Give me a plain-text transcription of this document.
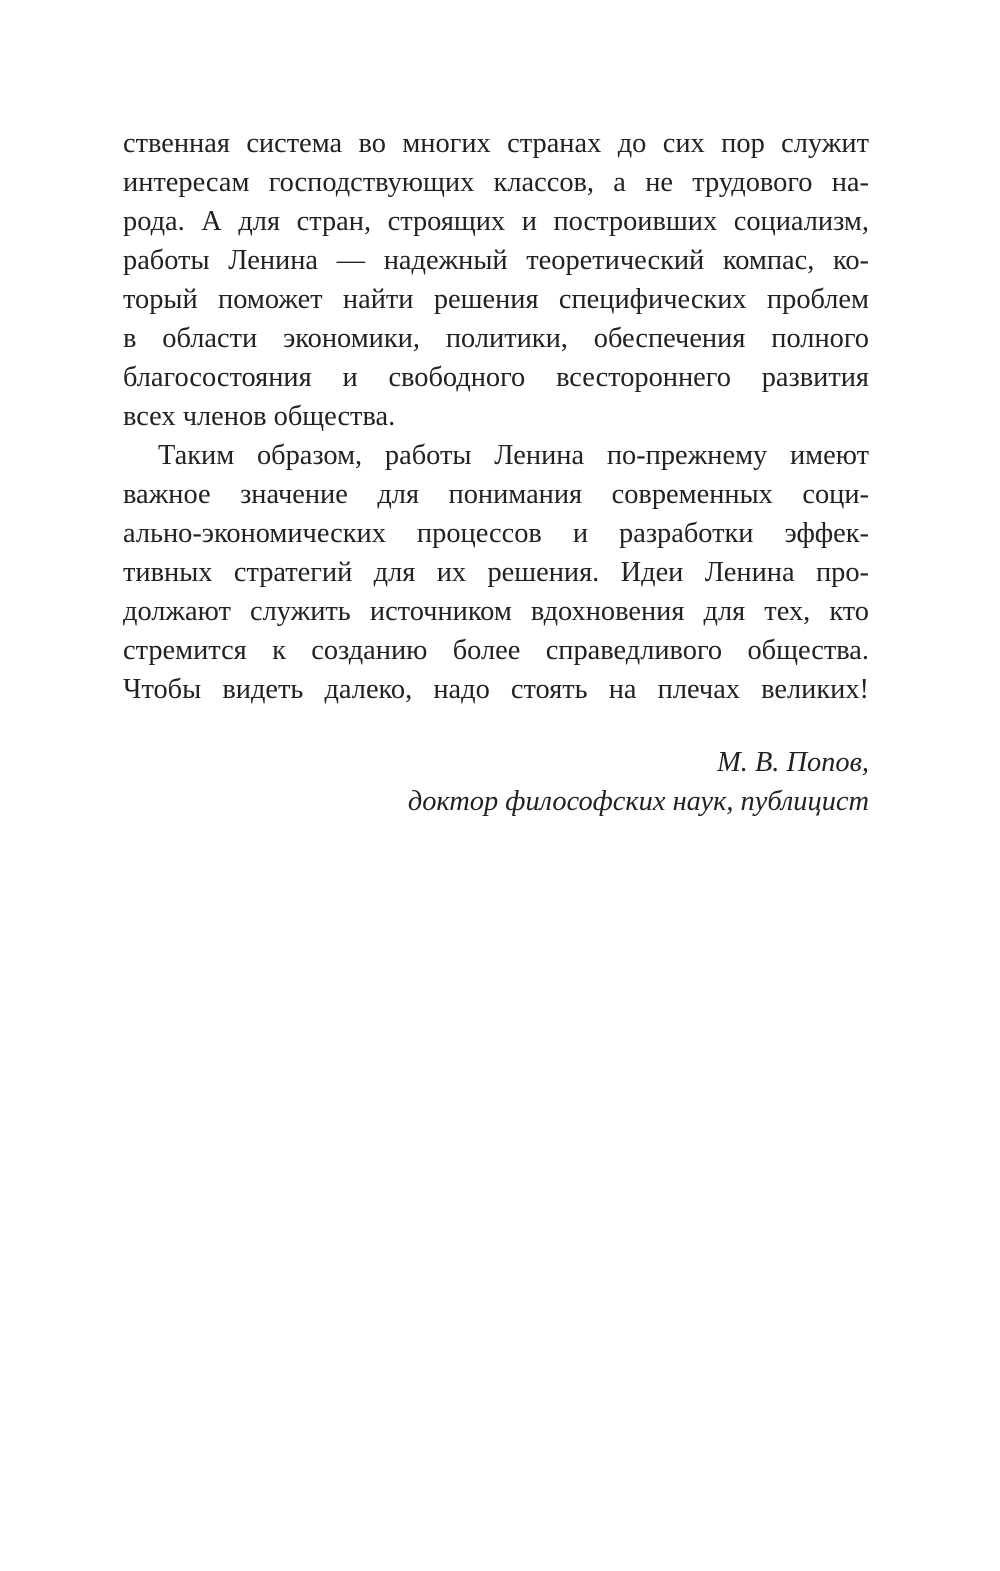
ственная система во многих странах до сих пор служит
интересам господствующих классов, а не трудового на-
рода. А для стран, строящих и построивших социализм,
работы Ленина — надежный теоретический компас, ко-
торый поможет найти решения специфических проблем
в области экономики, политики, обеспечения полного
благосостояния и свободного всестороннего развития
всех членов общества.

Таким образом, работы Ленина по-прежнему имеют
важное значение для понимания современных соци-
ально-экономических процессов и разработки эффек-
тивных стратегий для их решения. Идеи Ленина про-
должают служить источником вдохновения для тех, кто
стремится к созданию более справедливого общества.
Чтобы видеть далеко, надо стоять на плечах великих!

М. В. Попов,
доктор философских наук, публицист
